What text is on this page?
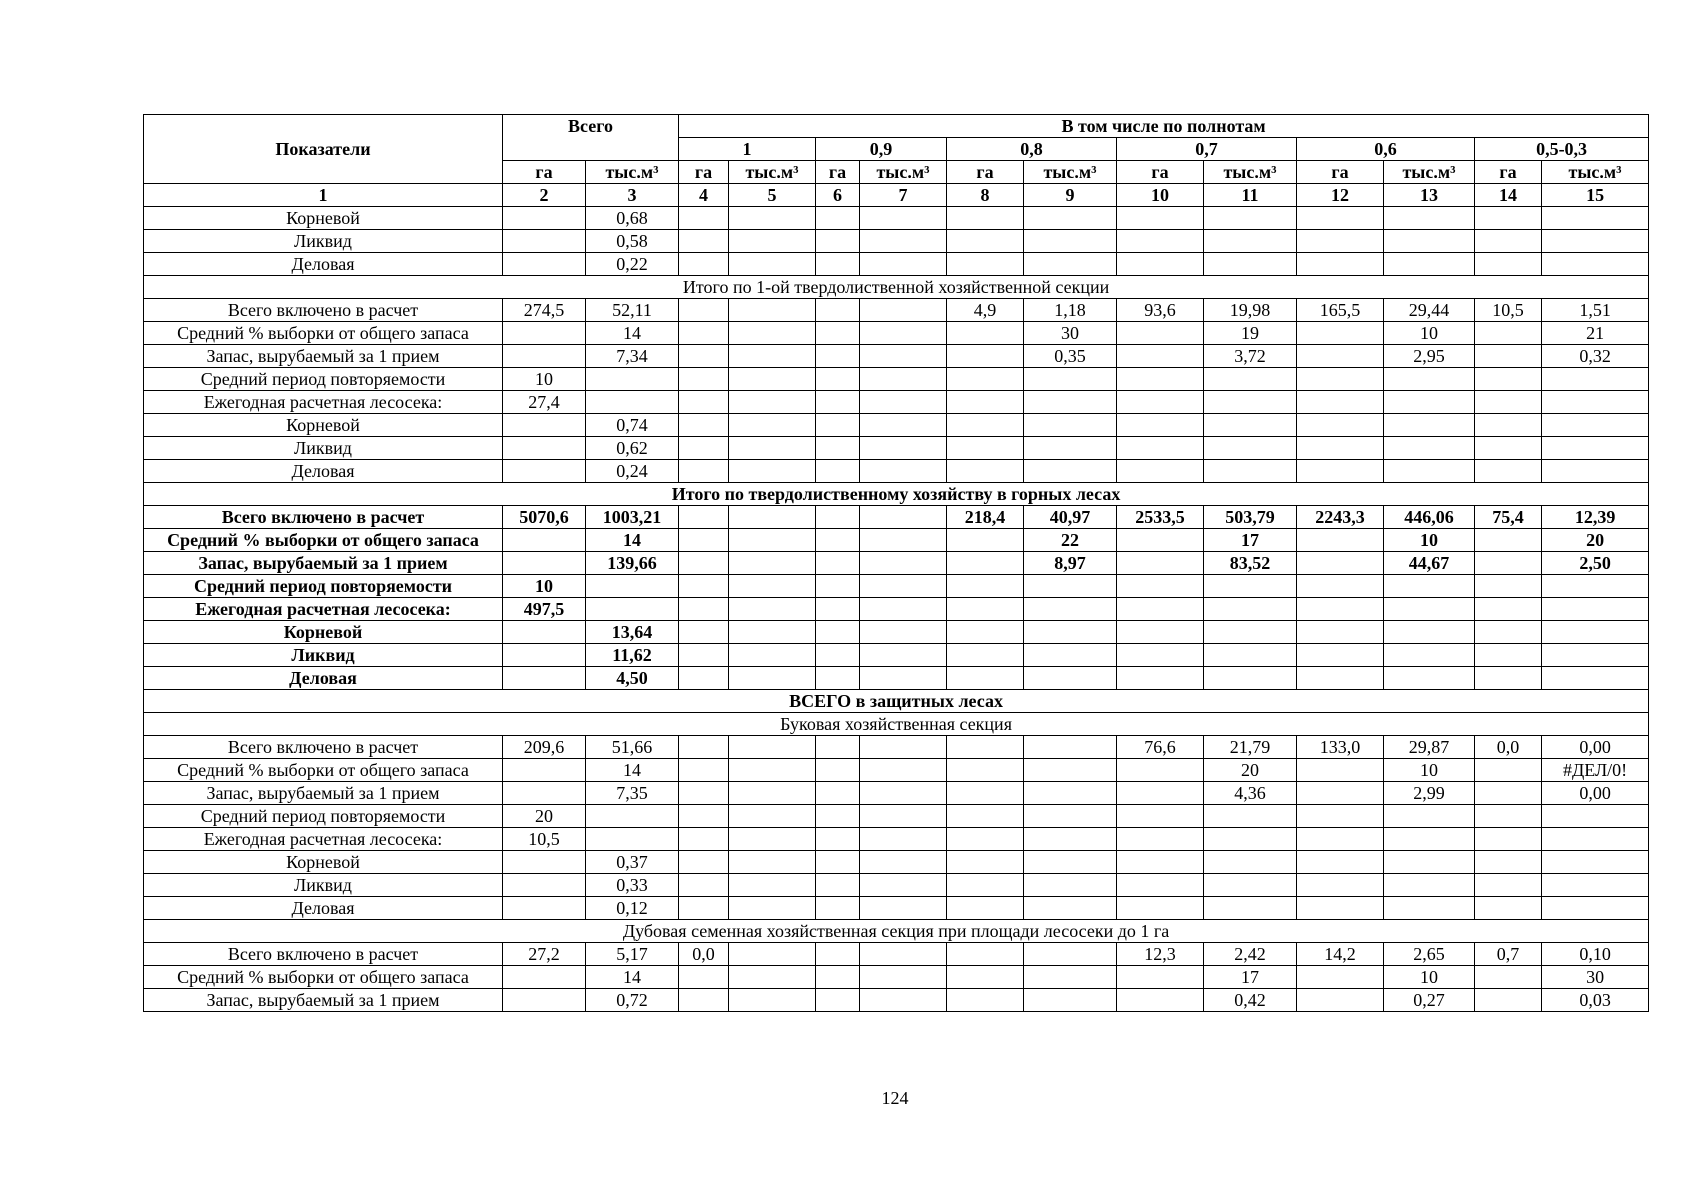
Показатели	Всего		В том числе по полнотам											
			1		0,9		0,8		0,7		0,6		0,5-0,3	
	га	тыс.м³	га	тыс.м³	га	тыс.м³	га	тыс.м³	га	тыс.м³	га	тыс.м³	га	тыс.м³
1	2	3	4	5	6	7	8	9	10	11	12	13	14	15
Корневой		0,68												
Ликвид		0,58												
Деловая		0,22												
Итого по 1-ой твердолиственной хозяйственной секции														
Всего включено в расчет	274,5	52,11					4,9	1,18	93,6	19,98	165,5	29,44	10,5	1,51
Средний % выборки от общего запаса		14						30		19		10		21
Запас, вырубаемый за 1 прием		7,34						0,35		3,72		2,95		0,32
Средний период повторяемости	10													
Ежегодная расчетная лесосека:	27,4													
Корневой		0,74												
Ликвид		0,62												
Деловая		0,24												
Итого по твердолиственному хозяйству в горных лесах														
Всего включено в расчет	5070,6	1003,21					218,4	40,97	2533,5	503,79	2243,3	446,06	75,4	12,39
Средний % выборки от общего запаса		14						22		17		10		20
Запас, вырубаемый за 1 прием		139,66						8,97		83,52		44,67		2,50
Средний период повторяемости	10													
Ежегодная расчетная лесосека:	497,5													
Корневой		13,64												
Ликвид		11,62												
Деловая		4,50												
ВСЕГО в защитных лесах														
Буковая хозяйственная секция														
Всего включено в расчет	209,6	51,66							76,6	21,79	133,0	29,87	0,0	0,00
Средний % выборки от общего запаса		14								20		10		#ДЕЛ/0!
Запас, вырубаемый за 1 прием		7,35								4,36		2,99		0,00
Средний период повторяемости	20													
Ежегодная расчетная лесосека:	10,5													
Корневой		0,37												
Ликвид		0,33												
Деловая		0,12												
Дубовая семенная хозяйственная секция при площади лесосеки до 1 га														
Всего включено в расчет	27,2	5,17	0,0						12,3	2,42	14,2	2,65	0,7	0,10
Средний % выборки от общего запаса		14								17		10		30
Запас, вырубаемый за 1 прием		0,72								0,42		0,27		0,03
124
